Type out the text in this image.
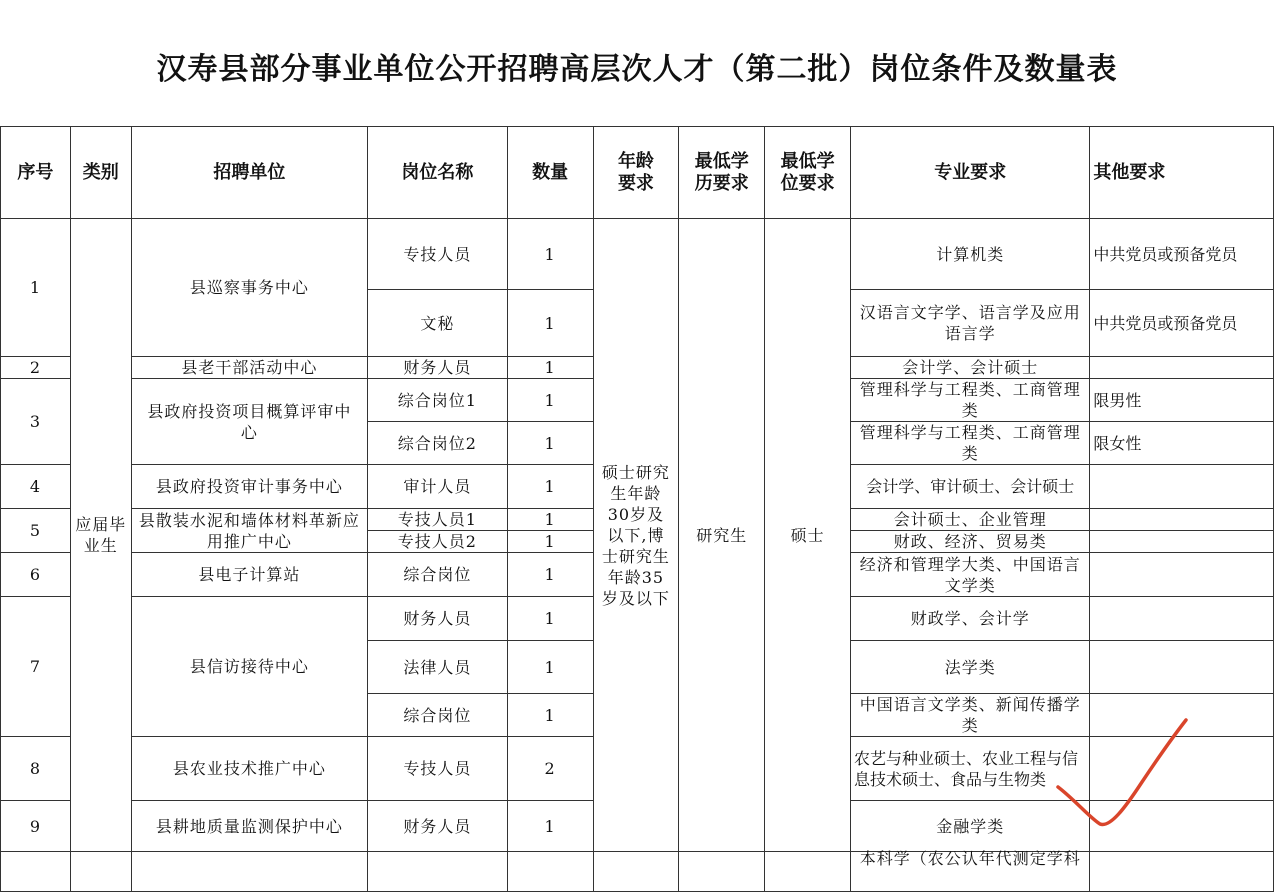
汉寿县部分事业单位公开招聘高层次人才（第二批）岗位条件及数量表
序号	类别	招聘单位	岗位名称	数量	年龄要求	最低学历要求	最低学位要求	专业要求	其他要求
1	应届毕业生	县巡察事务中心	专技人员	1	硕士研究生年龄30岁及以下,博士研究生年龄35岁及以下	研究生	硕士	计算机类	中共党员或预备党员
			文秘	1				汉语言文字学、语言学及应用语言学	中共党员或预备党员
2		县老干部活动中心	财务人员	1				会计学、会计硕士	
3		县政府投资项目概算评审中心	综合岗位1	1				管理科学与工程类、工商管理类	限男性
			综合岗位2	1				管理科学与工程类、工商管理类	限女性
4		县政府投资审计事务中心	审计人员	1				会计学、审计硕士、会计硕士	
5		县散装水泥和墙体材料革新应用推广中心	专技人员1	1				会计硕士、企业管理	
			专技人员2	1				财政、经济、贸易类	
6		县电子计算站	综合岗位	1				经济和管理学大类、中国语言文学类	
7		县信访接待中心	财务人员	1				财政学、会计学	
			法律人员	1				法学类	
			综合岗位	1				中国语言文学类、新闻传播学类	
8		县农业技术推广中心	专技人员	2				农艺与种业硕士、农业工程与信息技术硕士、食品与生物类	
9		县耕地质量监测保护中心	财务人员	1				金融学类	
								本科学（农公认年代测定学科	
